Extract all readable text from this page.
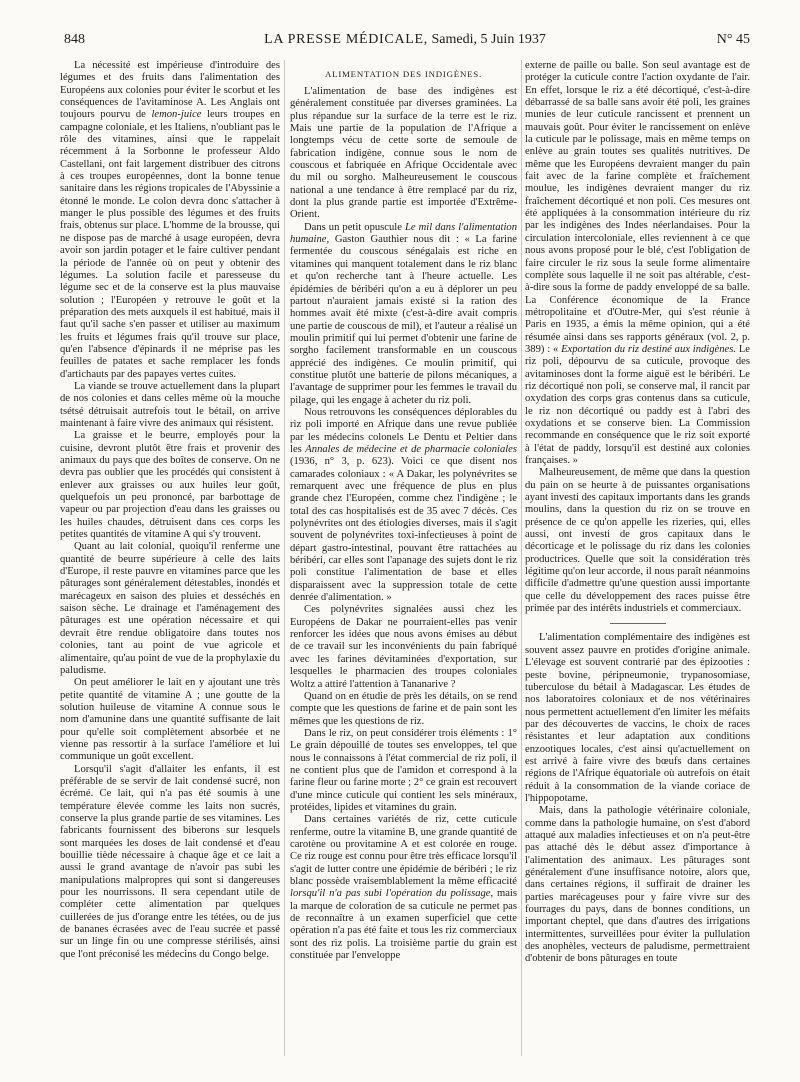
848	LA PRESSE MÉDICALE, Samedi, 5 Juin 1937	N° 45

La nécessité est impérieuse d'introduire des légumes et des fruits dans l'alimentation des Européens aux colonies pour éviter le scorbut et les conséquences de l'avitaminose A. Les Anglais ont toujours pourvu de lemon-juice leurs troupes en campagne coloniale, et les Italiens, n'oubliant pas le rôle des vitamines, ainsi que le rappelait récemment à la Sorbonne le professeur Aldo Castellani, ont fait largement distribuer des citrons à ces troupes européennes, dont la bonne tenue sanitaire dans les régions tropicales de l'Abyssinie a étonné le monde. Le colon devra donc s'attacher à manger le plus possible des légumes et des fruits frais, obtenus sur place. L'homme de la brousse, qui ne dispose pas de marché à usage européen, devra avoir son jardin potager et le faire cultiver pendant la période de l'année où on peut y obtenir des légumes. La solution facile et paresseuse du légume sec et de la conserve est la plus mauvaise solution ; l'Européen y retrouve le goût et la préparation des mets auxquels il est habitué, mais il faut qu'il sache s'en passer et utiliser au maximum les fruits et légumes frais qu'il trouve sur place, qu'en l'absence d'épinards il ne méprise pas les feuilles de patates et sache remplacer les fonds d'artichauts par des papayes vertes cuites.

La viande se trouve actuellement dans la plupart de nos colonies et dans celles même où la mouche tsétsé détruisait autrefois tout le bétail, on arrive maintenant à faire vivre des animaux qui résistent.

La graisse et le beurre, employés pour la cuisine, devront plutôt être frais et provenir des animaux du pays que des boîtes de conserve. On ne devra pas oublier que les procédés qui consistent à enlever aux graisses ou aux huiles leur goût, quelquefois un peu prononcé, par barbottage de vapeur ou par projection d'eau dans les graisses ou les huiles chaudes, détruisent dans ces corps les petites quantités de vitamine A qui s'y trouvent.

Quant au lait colonial, quoiqu'il renferme une quantité de beurre supérieure à celle des laits d'Europe, il reste pauvre en vitamines parce que les pâturages sont généralement détestables, inondés et marécageux en saison des pluies et desséchés en saison sèche. Le drainage et l'aménagement des pâturages est une opération nécessaire et qui devrait être rendue obligatoire dans toutes nos colonies, tant au point de vue agricole et alimentaire, qu'au point de vue de la prophylaxie du paludisme.

On peut améliorer le lait en y ajoutant une très petite quantité de vitamine A ; une goutte de la solution huileuse de vitamine A connue sous le nom d'amunine dans une quantité suffisante de lait pour qu'elle soit complètement absorbée et ne vienne pas ressortir à la surface l'améliore et lui communique un goût excellent.

Lorsqu'il s'agit d'allaiter les enfants, il est préférable de se servir de lait condensé sucré, non écrémé. Ce lait, qui n'a pas été soumis à une température élevée comme les laits non sucrés, conserve la plus grande partie de ses vitamines. Les fabricants fournissent des biberons sur lesquels sont marquées les doses de lait condensé et d'eau bouillie tiède nécessaire à chaque âge et ce lait a aussi le grand avantage de n'avoir pas subi les manipulations malpropres qui sont si dangereuses pour les nourrissons. Il sera cependant utile de compléter cette alimentation par quelques cuillerées de jus d'orange entre les tétées, ou de jus de bananes écrasées avec de l'eau sucrée et passé sur un linge fin ou une compresse stérilisés, ainsi que l'ont préconisé les médecins du Congo belge.

ALIMENTATION DES INDIGÈNES.

L'alimentation de base des indigènes est généralement constituée par diverses graminées. La plus répandue sur la surface de la terre est le riz. Mais une partie de la population de l'Afrique a longtemps vécu de cette sorte de semoule de fabrication indigène, connue sous le nom de couscous et fabriquée en Afrique Occidentale avec du mil ou sorgho. Malheureusement le couscous national a une tendance à être remplacé par du riz, dont la plus grande partie est importée d'Extrême-Orient.

Dans un petit opuscule Le mil dans l'alimentation humaine, Gaston Gauthier nous dit : « La farine fermentée du couscous sénégalais est riche en vitamines qui manquent totalement dans le riz blanc et qu'on recherche tant à l'heure actuelle. Les épidémies de béribéri qu'on a eu à déplorer un peu partout n'auraient jamais existé si la ration des hommes avait été mixte (c'est-à-dire avait compris une partie de couscous de mil), et l'auteur a réalisé un moulin primitif qui lui permet d'obtenir une farine de sorgho facilement transformable en un couscous apprécié des indigènes. Ce moulin primitif, qui constitue plutôt une batterie de pilons mécaniques, a l'avantage de supprimer pour les femmes le travail du pilage, qui les engage à acheter du riz poli.

Nous retrouvons les conséquences déplorables du riz poli importé en Afrique dans une revue publiée par les médecins colonels Le Dentu et Peltier dans les Annales de médecine et de pharmacie coloniales (1936, n° 3, p. 623). Voici ce que disent nos camarades coloniaux : « A Dakar, les polynévrites se remarquent avec une fréquence de plus en plus grande chez l'Européen, comme chez l'indigène ; le total des cas hospitalisés est de 35 avec 7 décès. Ces polynévrites ont des étiologies diverses, mais il s'agit souvent de polynévrites toxi-infectieuses à point de départ gastro-intestinal, pouvant être rattachées au béribéri, car elles sont l'apanage des sujets dont le riz poli constitue l'alimentation de base et elles disparaissent avec la suppression totale de cette denrée d'alimentation. »

Ces polynévrites signalées aussi chez les Européens de Dakar ne pourraient-elles pas venir renforcer les idées que nous avons émises au début de ce travail sur les inconvénients du pain fabriqué avec les farines dévitaminées d'exportation, sur lesquelles le pharmacien des troupes coloniales Woltz a attiré l'attention à Tananarive ?

Quand on en étudie de près les détails, on se rend compte que les questions de farine et de pain sont les mêmes que les questions de riz.

Dans le riz, on peut considérer trois éléments : 1° Le grain dépouillé de toutes ses enveloppes, tel que nous le connaissons à l'état commercial de riz poli, il ne contient plus que de l'amidon et correspond à la farine fleur ou farine morte ; 2° ce grain est recouvert d'une mince cuticule qui contient les sels minéraux, protéides, lipides et vitamines du grain.

Dans certaines variétés de riz, cette cuticule renferme, outre la vitamine B, une grande quantité de carotène ou provitamine A et est colorée en rouge. Ce riz rouge est connu pour être très efficace lorsqu'il s'agit de lutter contre une épidémie de béribéri ; le riz blanc possède vraisemblablement la même efficacité lorsqu'il n'a pas subi l'opération du polissage, mais la marque de coloration de sa cuticule ne permet pas de reconnaître à un examen superficiel que cette opération n'a pas été faite et tous les riz commerciaux sont des riz polis. La troisième partie du grain est constituée par l'enveloppe

externe de paille ou balle. Son seul avantage est de protéger la cuticule contre l'action oxydante de l'air. En effet, lorsque le riz a été décortiqué, c'est-à-dire débarrassé de sa balle sans avoir été poli, les graines munies de leur cuticule rancissent et prennent un mauvais goût. Pour éviter le rancissement on enlève la cuticule par le polissage, mais en même temps on enlève au grain toutes ses qualités nutritives. De même que les Européens devraient manger du pain fait avec de la farine complète et fraîchement moulue, les indigènes devraient manger du riz fraîchement décortiqué et non poli. Ces mesures ont été appliquées à la consommation intérieure du riz par les indigènes des Indes néerlandaises. Pour la circulation intercoloniale, elles reviennent à ce que nous avons proposé pour le blé, c'est l'obligation de faire circuler le riz sous la seule forme alimentaire complète sous laquelle il ne soit pas altérable, c'est-à-dire sous la forme de paddy enveloppé de sa balle. La Conférence économique de la France métropolitaine et d'Outre-Mer, qui s'est réunie à Paris en 1935, a émis la même opinion, qui a été résumée ainsi dans ses rapports généraux (vol. 2, p. 389) : « Exportation du riz destiné aux indigènes. Le riz poli, dépourvu de sa cuticule, provoque des avitaminoses dont la forme aiguë est le béribéri. Le riz décortiqué non poli, se conserve mal, il rancit par oxydation des corps gras contenus dans sa cuticule, le riz non décortiqué ou paddy est à l'abri des oxydations et se conserve bien. La Commission recommande en conséquence que le riz soit exporté à l'état de paddy, lorsqu'il est destiné aux colonies françaises. »

Malheureusement, de même que dans la question du pain on se heurte à de puissantes organisations ayant investi des capitaux importants dans les grands moulins, dans la question du riz on se trouve en présence de ce qu'on appelle les rizeries, qui, elles aussi, ont investi de gros capitaux dans le décorticage et le polissage du riz dans les colonies productrices. Quelle que soit la considération très légitime qu'on leur accorde, il nous paraît néanmoins difficile d'admettre qu'une question aussi importante que celle du développement des races puisse être primée par des intérêts industriels et commerciaux.

L'alimentation complémentaire des indigènes est souvent assez pauvre en protides d'origine animale. L'élevage est souvent contrarié par des épizooties : peste bovine, péripneumonie, trypanosomiase, tuberculose du bétail à Madagascar. Les études de nos laboratoires coloniaux et de nos vétérinaires nous permettent actuellement d'en limiter les méfaits par des découvertes de vaccins, le choix de races résistantes et leur adaptation aux conditions enzootiques locales, c'est ainsi qu'actuellement on est arrivé à faire vivre des bœufs dans certaines régions de l'Afrique équatoriale où autrefois on était réduit à la consommation de la viande coriace de l'hippopotame.

Mais, dans la pathologie vétérinaire coloniale, comme dans la pathologie humaine, on s'est d'abord attaqué aux maladies infectieuses et on n'a peut-être pas attaché dès le début assez d'importance à l'alimentation des animaux. Les pâturages sont généralement d'une insuffisance notoire, alors que, dans certaines régions, il suffirait de drainer les parties marécageuses pour y faire vivre sur des fourrages du pays, dans de bonnes conditions, un important cheptel, que dans d'autres des irrigations intermittentes, surveillées pour éviter la pullulation des anophèles, vecteurs de paludisme, permettraient d'obtenir de bons pâturages en toute
